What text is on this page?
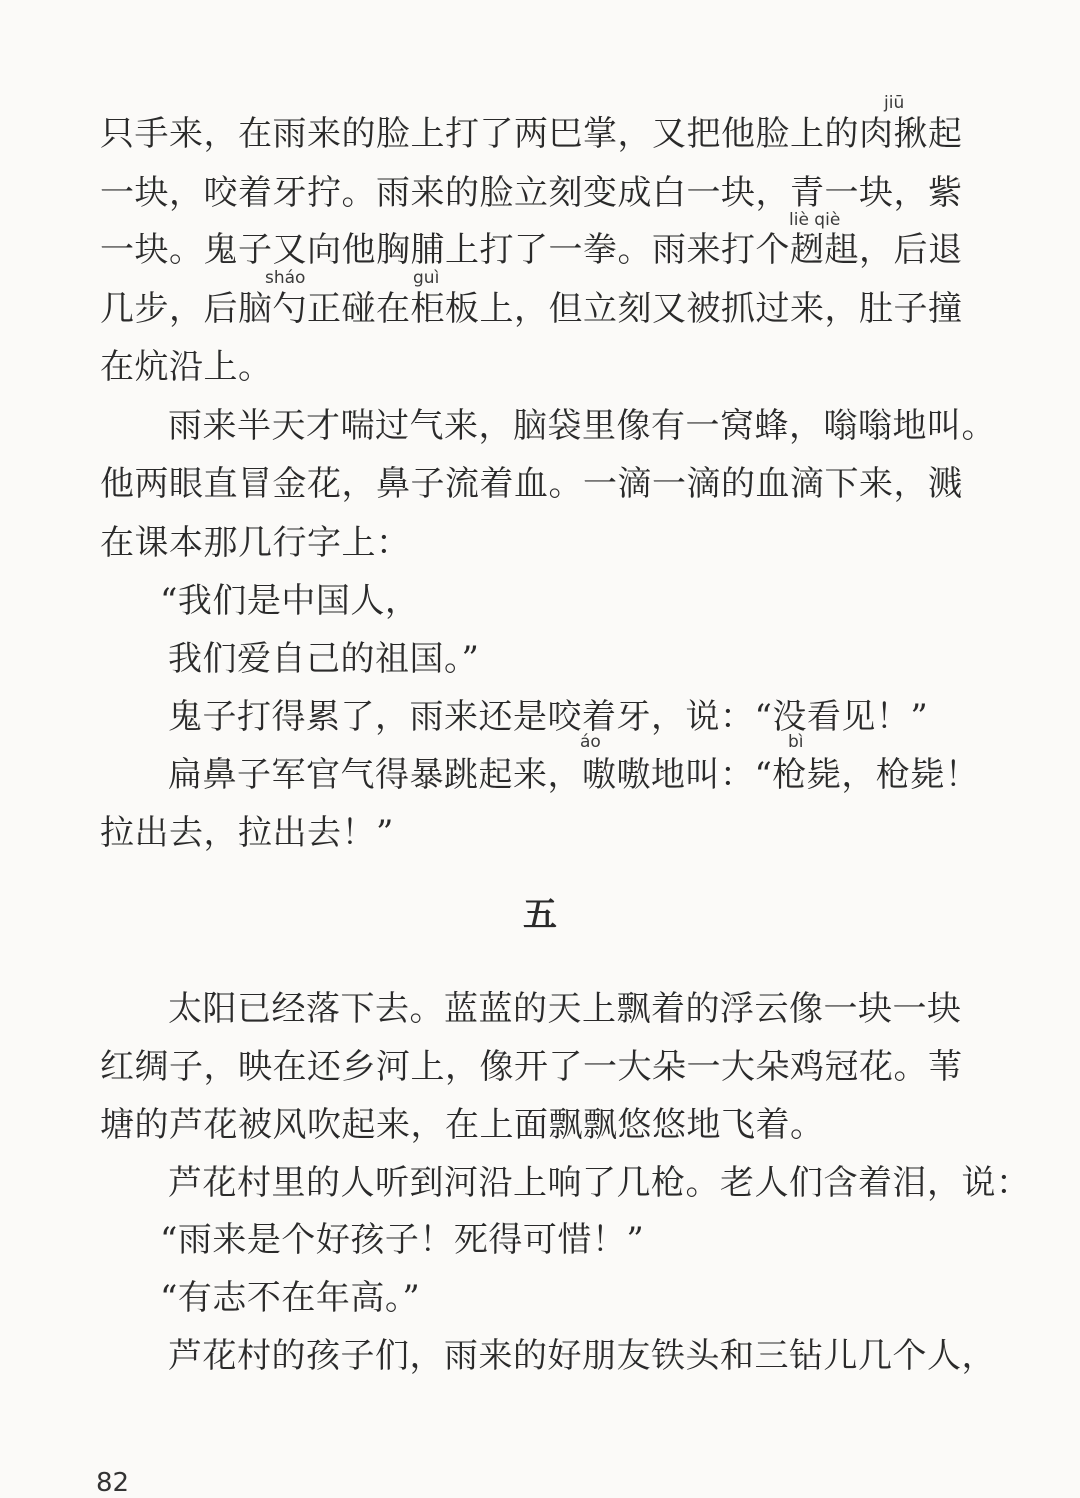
jiū
liè qiè
sháo	guì
áo	bì
只手来，在雨来的脸上打了两巴掌，又把他脸上的肉揪起
一块，咬着牙拧。雨来的脸立刻变成白一块，青一块，紫
一块。鬼子又向他胸脯上打了一拳。雨来打个趔趄，后退
几步，后脑勺正碰在柜板上，但立刻又被抓过来，肚子撞
在炕沿上。
雨来半天才喘过气来，脑袋里像有一窝蜂，嗡嗡地叫。
他两眼直冒金花，鼻子流着血。一滴一滴的血滴下来，溅
在课本那几行字上：
“我们是中国人，
我们爱自己的祖国。”
鬼子打得累了，雨来还是咬着牙，说：“没看见！”
扁鼻子军官气得暴跳起来，嗷嗷地叫：“枪毙，枪毙！
拉出去，拉出去！”
五
太阳已经落下去。蓝蓝的天上飘着的浮云像一块一块
红绸子，映在还乡河上，像开了一大朵一大朵鸡冠花。苇
塘的芦花被风吹起来，在上面飘飘悠悠地飞着。
芦花村里的人听到河沿上响了几枪。老人们含着泪，说：
“雨来是个好孩子！死得可惜！”
“有志不在年高。”
芦花村的孩子们，雨来的好朋友铁头和三钻儿几个人，
82
